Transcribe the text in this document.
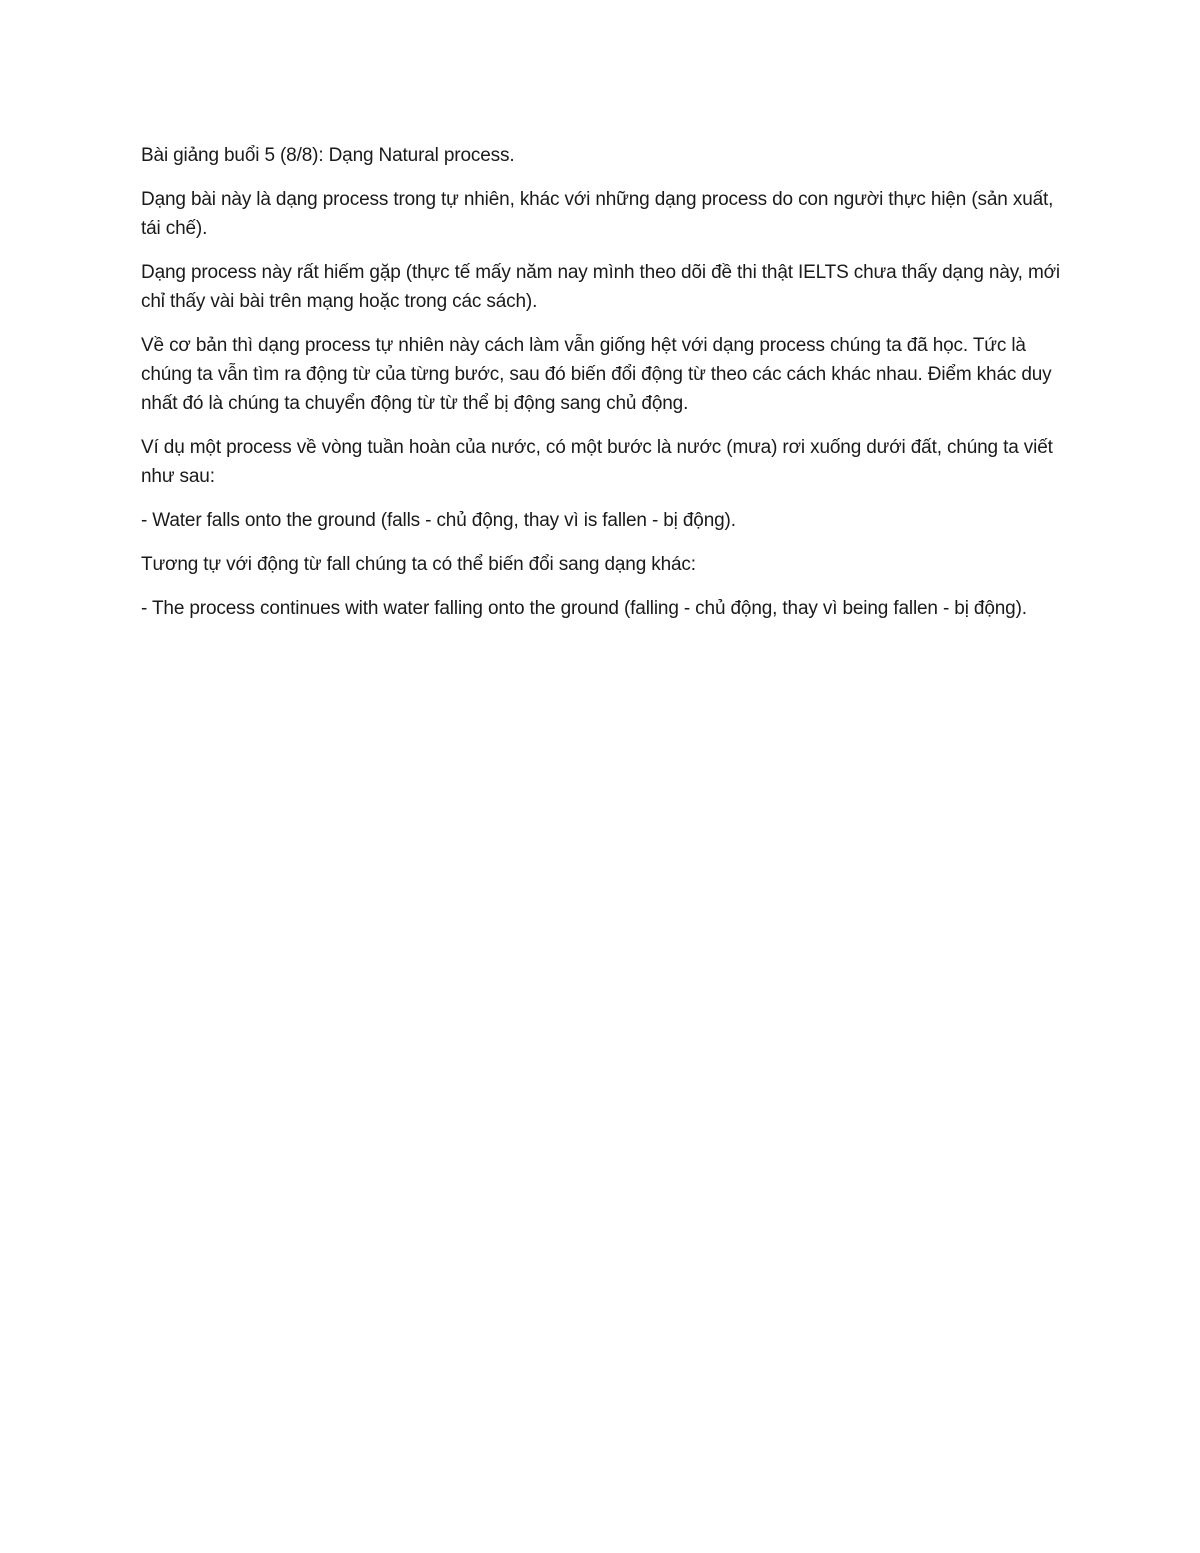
Bài giảng buổi 5 (8/8): Dạng Natural process.

Dạng bài này là dạng process trong tự nhiên, khác với những dạng process do con người thực hiện (sản xuất, tái chế).

Dạng process này rất hiếm gặp (thực tế mấy năm nay mình theo dõi đề thi thật IELTS chưa thấy dạng này, mới chỉ thấy vài bài trên mạng hoặc trong các sách).

Về cơ bản thì dạng process tự nhiên này cách làm vẫn giống hệt với dạng process chúng ta đã học. Tức là chúng ta vẫn tìm ra động từ của từng bước, sau đó biến đổi động từ theo các cách khác nhau. Điểm khác duy nhất đó là chúng ta chuyển động từ từ thể bị động sang chủ động.

Ví dụ một process về vòng tuần hoàn của nước, có một bước là nước (mưa) rơi xuống dưới đất, chúng ta viết như sau:

- Water falls onto the ground (falls - chủ động, thay vì is fallen - bị động).

Tương tự với động từ fall chúng ta có thể biến đổi sang dạng khác:

- The process continues with water falling onto the ground (falling - chủ động, thay vì being fallen - bị động).
